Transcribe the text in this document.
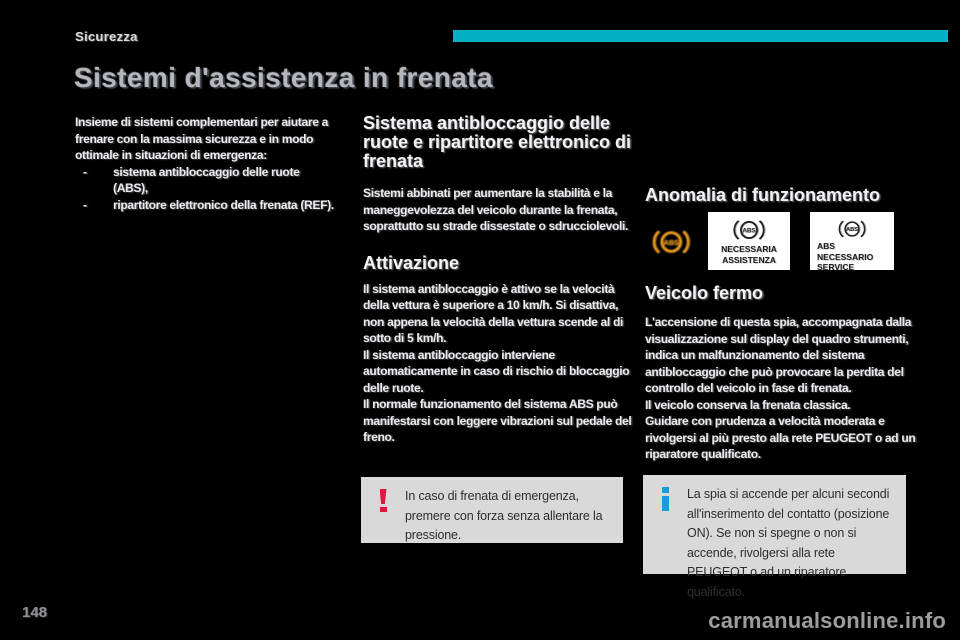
Sicurezza
Sistemi d'assistenza in frenata

Insieme di sistemi complementari per aiutare a frenare con la massima sicurezza e in modo ottimale in situazioni di emergenza:

- sistema antibloccaggio delle ruote (ABS),
- ripartitore elettronico della frenata (REF).
Sistema antibloccaggio delle ruote e ripartitore elettronico di frenata

Sistemi abbinati per aumentare la stabilità e la maneggevolezza del veicolo durante la frenata, soprattutto su strade dissestate o sdrucciolevoli.

Attivazione

Il sistema antibloccaggio è attivo se la velocità della vettura è superiore a 10 km/h. Si disattiva, non appena la velocità della vettura scende al di sotto di 5 km/h.

Il sistema antibloccaggio interviene automaticamente in caso di rischio di bloccaggio delle ruote.

Il normale funzionamento del sistema ABS può manifestarsi con leggere vibrazioni sul pedale del freno.

Anomalia di funzionamento
ABS
ABS
NECESSARIA
ASSISTENZA
ABS
ABS
NECESSARIO SERVICE
Veicolo fermo

L'accensione di questa spia, accompagnata dalla visualizzazione sul display del quadro strumenti, indica un malfunzionamento del sistema antibloccaggio che può provocare la perdita del controllo del veicolo in fase di frenata.

Il veicolo conserva la frenata classica.

Guidare con prudenza a velocità moderata e rivolgersi al più presto alla rete PEUGEOT o ad un riparatore qualificato.

In caso di frenata di emergenza, premere con forza senza allentare la pressione.

La spia si accende per alcuni secondi all'inserimento del contatto (posizione ON). Se non si spegne o non si accende, rivolgersi alla rete PEUGEOT o ad un riparatore qualificato.

148	carmanualsonline.info
